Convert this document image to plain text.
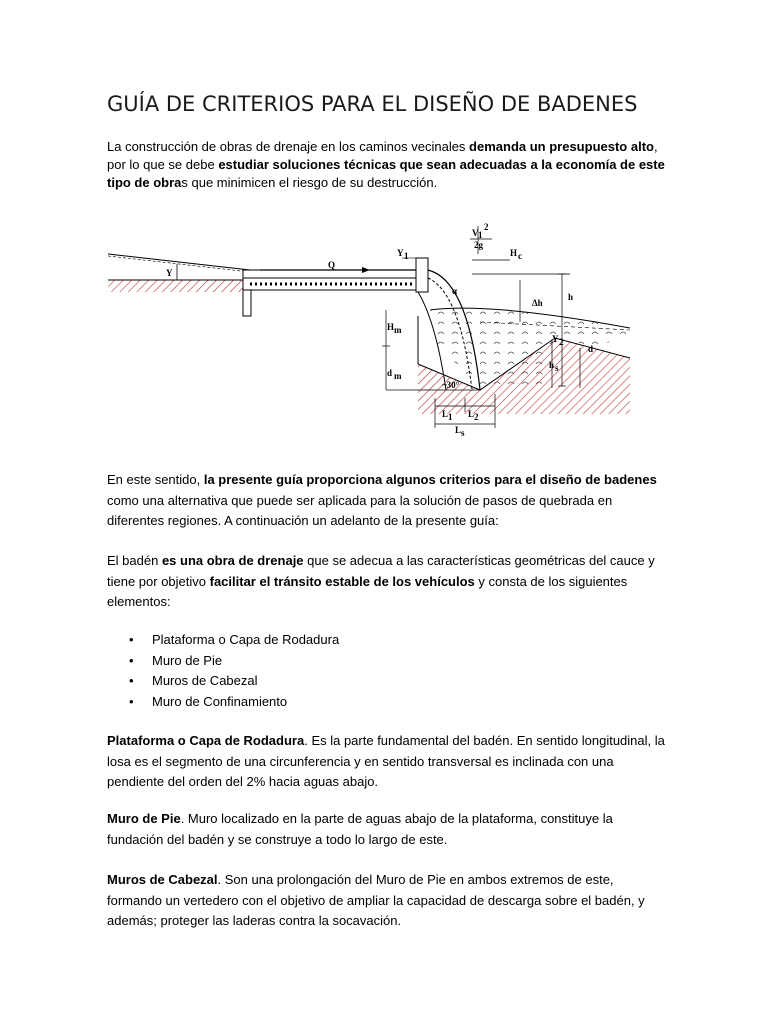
GUÍA DE CRITERIOS PARA EL DISEÑO DE BADENES

La construcción de obras de drenaje en los caminos vecinales demanda un presupuesto alto, por lo que se debe estudiar soluciones técnicas que sean adecuadas a la economía de este tipo de obras que minimicen el riesgo de su destrucción.

Y
Q
Y 1
V 1
2
2g
H c
h
Δh
H m
d m
α
Y 2
d
h s
~30°
L 1 L 2
L s

En este sentido, la presente guía proporciona algunos criterios para el diseño de badenes como una alternativa que puede ser aplicada para la solución de pasos de quebrada en diferentes regiones. A continuación un adelanto de la presente guía:

El badén es una obra de drenaje que se adecua a las características geométricas del cauce y tiene por objetivo facilitar el tránsito estable de los vehículos y consta de los siguientes elementos:

• Plataforma o Capa de Rodadura
• Muro de Pie
• Muros de Cabezal
• Muro de Confinamiento

Plataforma o Capa de Rodadura. Es la parte fundamental del badén. En sentido longitudinal, la losa es el segmento de una circunferencia y en sentido transversal es inclinada con una pendiente del orden del 2% hacia aguas abajo.

Muro de Pie. Muro localizado en la parte de aguas abajo de la plataforma, constituye la fundación del badén y se construye a todo lo largo de este.

Muros de Cabezal. Son una prolongación del Muro de Pie en ambos extremos de este, formando un vertedero con el objetivo de ampliar la capacidad de descarga sobre el badén, y además; proteger las laderas contra la socavación.
